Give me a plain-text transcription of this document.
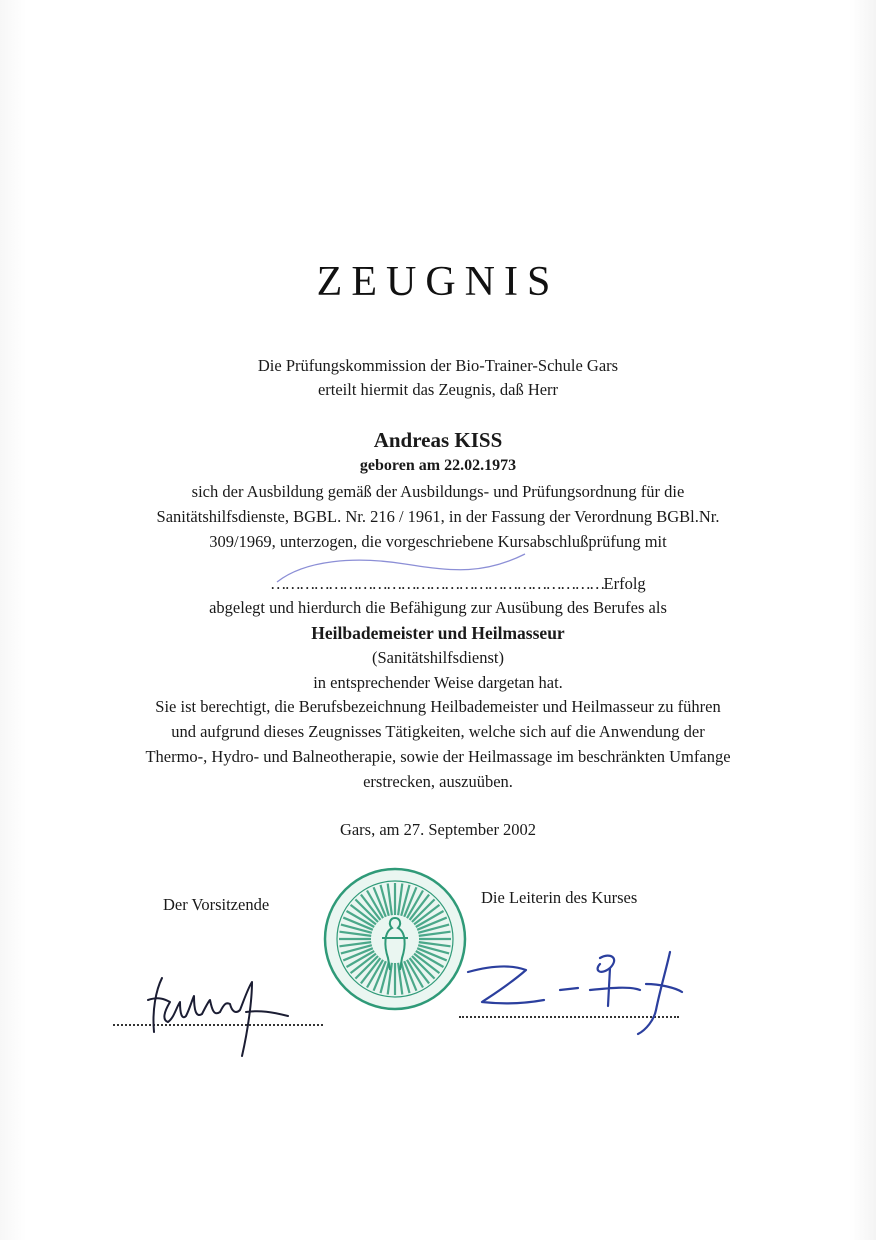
ZEUGNIS
Die Prüfungskommission der Bio-Trainer-Schule Gars
erteilt hiermit das Zeugnis, daß Herr
Andreas KISS
geboren am 22.02.1973
sich der Ausbildung gemäß der Ausbildungs- und Prüfungsordnung für die
Sanitätshilfsdienste, BGBL. Nr. 216 / 1961, in der Fassung der Verordnung BGBl.Nr.
309/1969, unterzogen, die vorgeschriebene Kursabschlußprüfung mit
……………………………………………………………Erfolg
abgelegt und hierdurch die Befähigung zur Ausübung des Berufes als
Heilbademeister und Heilmasseur
(Sanitätshilfsdienst)
in entsprechender Weise dargetan hat.
Sie ist berechtigt, die Berufsbezeichnung Heilbademeister und Heilmasseur zu führen
und aufgrund dieses Zeugnisses Tätigkeiten, welche sich auf die Anwendung der
Thermo-, Hydro- und Balneotherapie, sowie der Heilmassage im beschränkten Umfange
erstrecken, auszuüben.
Gars, am 27. September 2002
Der Vorsitzende	Die Leiterin des Kurses
